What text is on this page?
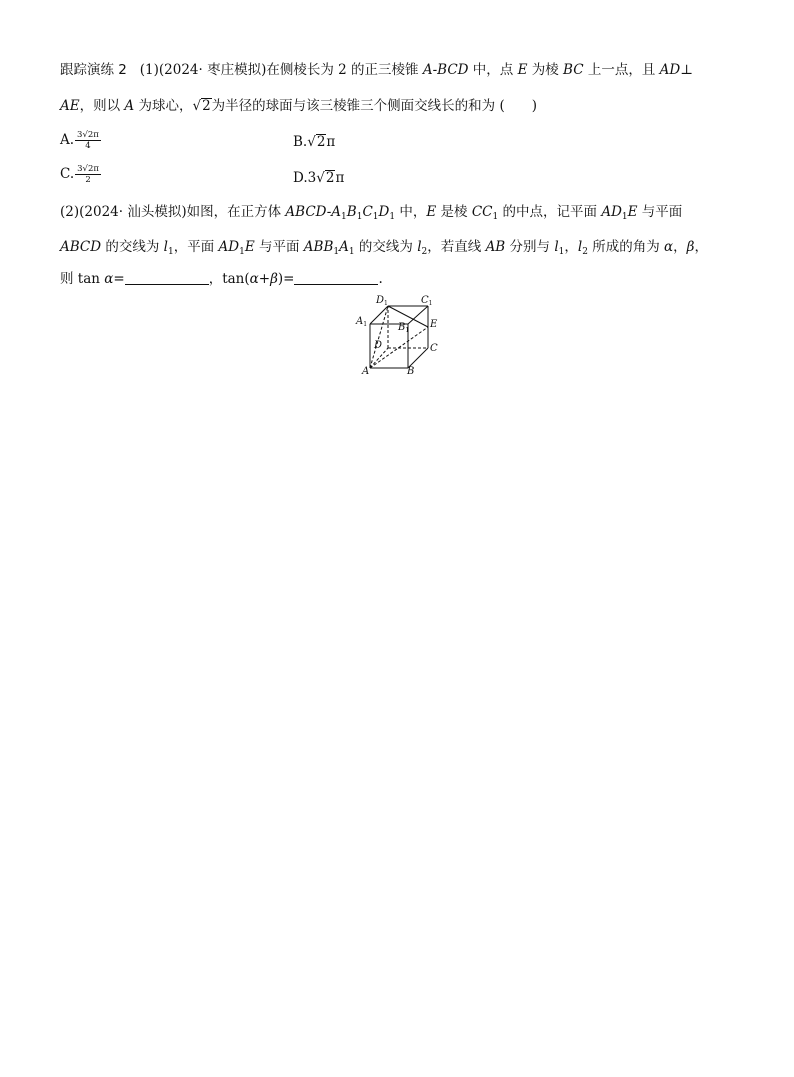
跟踪演练 2 (1)(2024· 枣庄模拟)在侧棱长为 2 的正三棱锥 A-BCD 中，点 E 为棱 BC 上一点，且 AD⊥
AE，则以 A 为球心，√2为半径的球面与该三棱锥三个侧面交线长的和为 (　　)
A. $\frac{3√2\pi}{4}$	B.√2π
C. $\frac{3√2\pi}{2}$	D.3√2π
(2)(2024· 汕头模拟)如图，在正方体 ABCD-$A_1B_1C_1D_1$ 中，E 是棱 $CC_1$ 的中点，记平面 $AD_1E$ 与平面
ABCD 的交线为 $l_1$，平面 $AD_1E$ 与平面 $ABB_1A_1$ 的交线为 $l_2$，若直线 AB 分别与 $l_1$，$l_2$ 所成的角为 α，β，
则 tan α=	，tan(α+β)=	.
$D_1$	$C_1$
$A_1$	$B_1$
E
D	C
A	B
